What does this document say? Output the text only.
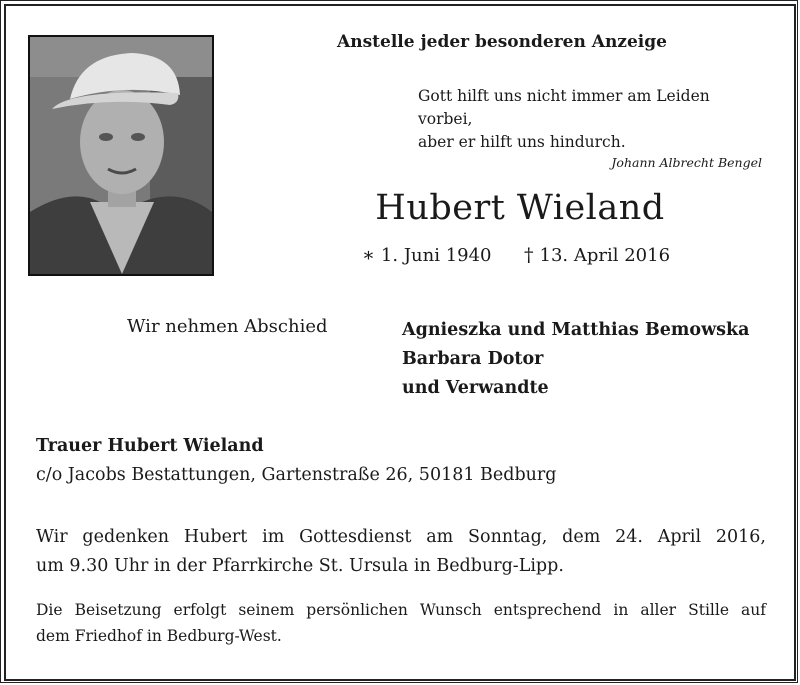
Anstelle jeder besonderen Anzeige
Gott hilft uns nicht immer am Leiden vorbei,
aber er hilft uns hindurch.
Johann Albrecht Bengel
Hubert Wieland
∗ 1. Juni 1940 † 13. April 2016
Wir nehmen Abschied	Agnieszka und Matthias Bemowska
Barbara Dotor
und Verwandte
Trauer Hubert Wieland
c/o Jacobs Bestattungen, Gartenstraße 26, 50181 Bedburg
Wir gedenken Hubert im Gottesdienst am Sonntag, dem 24. April 2016,
um 9.30 Uhr in der Pfarrkirche St. Ursula in Bedburg-Lipp.
Die Beisetzung erfolgt seinem persönlichen Wunsch entsprechend in aller Stille auf
dem Friedhof in Bedburg-West.
